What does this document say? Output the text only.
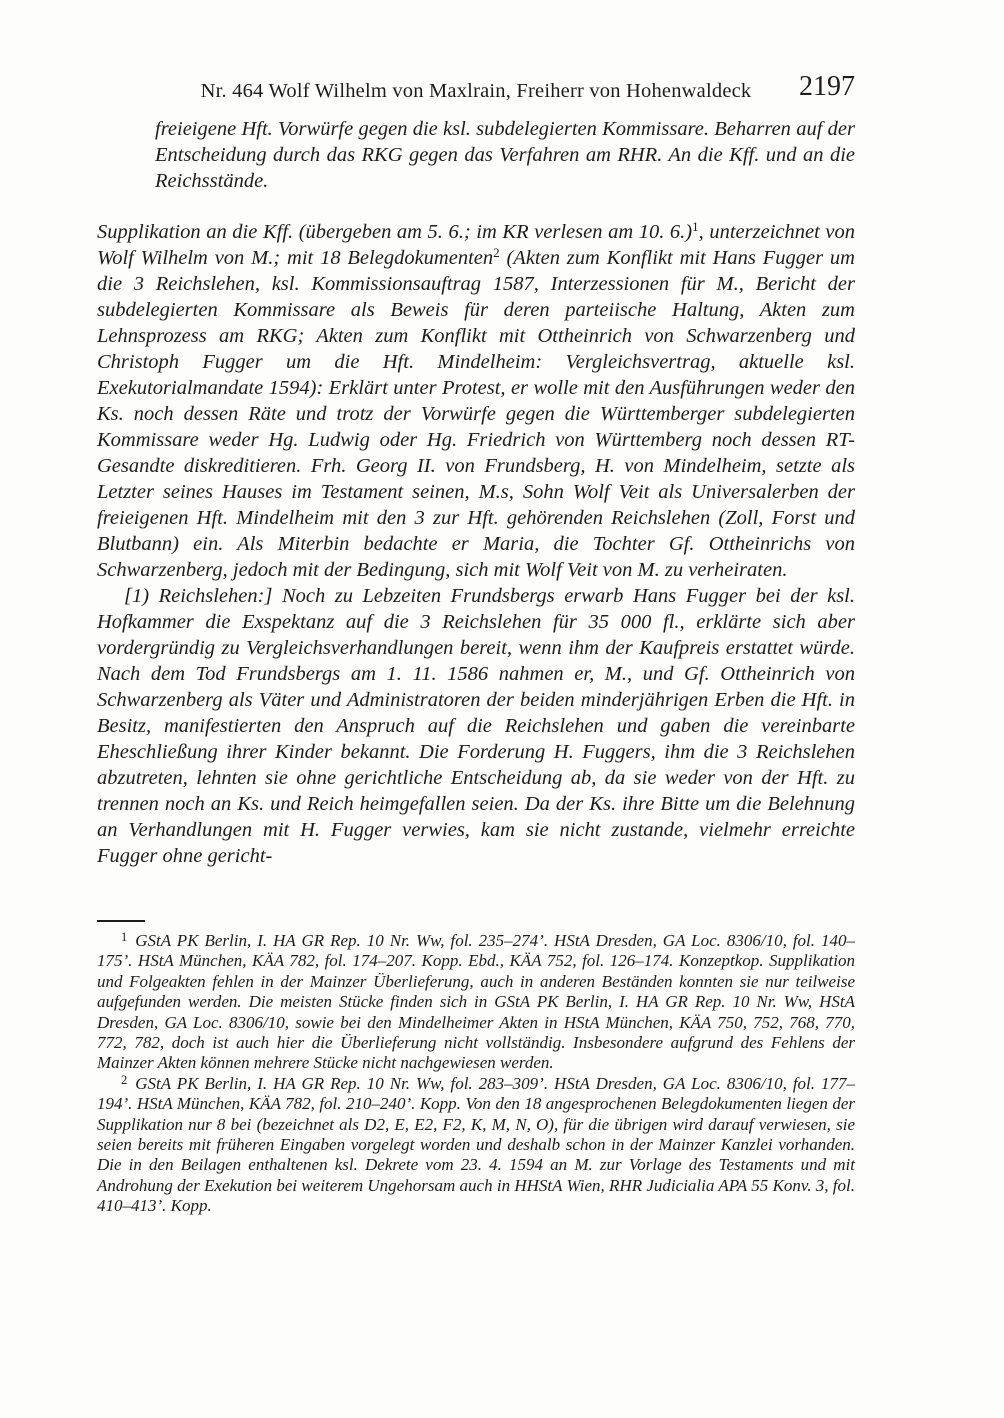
Nr. 464 Wolf Wilhelm von Maxlrain, Freiherr von Hohenwaldeck	2197
freieigene Hft. Vorwürfe gegen die ksl. subdelegierten Kommissare. Beharren auf der Entscheidung durch das RKG gegen das Verfahren am RHR. An die Kff. und an die Reichsstände.

Supplikation an die Kff. (übergeben am 5. 6.; im KR verlesen am 10. 6.)$^1$, unterzeichnet von Wolf Wilhelm von M.; mit 18 Belegdokumenten$^2$ (Akten zum Konflikt mit Hans Fugger um die 3 Reichslehen, ksl. Kommissionsauftrag 1587, Interzessionen für M., Bericht der subdelegierten Kommissare als Beweis für deren parteiische Haltung, Akten zum Lehnsprozess am RKG; Akten zum Konflikt mit Ottheinrich von Schwarzenberg und Christoph Fugger um die Hft. Mindelheim: Vergleichsvertrag, aktuelle ksl. Exekutorialmandate 1594): Erklärt unter Protest, er wolle mit den Ausführungen weder den Ks. noch dessen Räte und trotz der Vorwürfe gegen die Württemberger subdelegierten Kommissare weder Hg. Ludwig oder Hg. Friedrich von Württemberg noch dessen RT-Gesandte diskreditieren. Frh. Georg II. von Frundsberg, H. von Mindelheim, setzte als Letzter seines Hauses im Testament seinen, M.s, Sohn Wolf Veit als Universalerben der freieigenen Hft. Mindelheim mit den 3 zur Hft. gehörenden Reichslehen (Zoll, Forst und Blutbann) ein. Als Miterbin bedachte er Maria, die Tochter Gf. Ottheinrichs von Schwarzenberg, jedoch mit der Bedingung, sich mit Wolf Veit von M. zu verheiraten.

[1) Reichslehen:] Noch zu Lebzeiten Frundsbergs erwarb Hans Fugger bei der ksl. Hofkammer die Exspektanz auf die 3 Reichslehen für 35 000 fl., erklärte sich aber vordergründig zu Vergleichsverhandlungen bereit, wenn ihm der Kaufpreis erstattet würde. Nach dem Tod Frundsbergs am 1. 11. 1586 nahmen er, M., und Gf. Ottheinrich von Schwarzenberg als Väter und Administratoren der beiden minderjährigen Erben die Hft. in Besitz, manifestierten den Anspruch auf die Reichslehen und gaben die vereinbarte Eheschließung ihrer Kinder bekannt. Die Forderung H. Fuggers, ihm die 3 Reichslehen abzutreten, lehnten sie ohne gerichtliche Entscheidung ab, da sie weder von der Hft. zu trennen noch an Ks. und Reich heimgefallen seien. Da der Ks. ihre Bitte um die Belehnung an Verhandlungen mit H. Fugger verwies, kam sie nicht zustande, vielmehr erreichte Fugger ohne gericht-

$^1$ GStA PK Berlin, I. HA GR Rep. 10 Nr. Ww, fol. 235–274’. HStA Dresden, GA Loc. 8306/10, fol. 140–175’. HStA München, KÄA 782, fol. 174–207. Kopp. Ebd., KÄA 752, fol. 126–174. Konzeptkop. Supplikation und Folgeakten fehlen in der Mainzer Überlieferung, auch in anderen Beständen konnten sie nur teilweise aufgefunden werden. Die meisten Stücke finden sich in GStA PK Berlin, I. HA GR Rep. 10 Nr. Ww, HStA Dresden, GA Loc. 8306/10, sowie bei den Mindelheimer Akten in HStA München, KÄA 750, 752, 768, 770, 772, 782, doch ist auch hier die Überlieferung nicht vollständig. Insbesondere aufgrund des Fehlens der Mainzer Akten können mehrere Stücke nicht nachgewiesen werden.

$^2$ GStA PK Berlin, I. HA GR Rep. 10 Nr. Ww, fol. 283–309’. HStA Dresden, GA Loc. 8306/10, fol. 177–194’. HStA München, KÄA 782, fol. 210–240’. Kopp. Von den 18 angesprochenen Belegdokumenten liegen der Supplikation nur 8 bei (bezeichnet als D2, E, E2, F2, K, M, N, O), für die übrigen wird darauf verwiesen, sie seien bereits mit früheren Eingaben vorgelegt worden und deshalb schon in der Mainzer Kanzlei vorhanden. Die in den Beilagen enthaltenen ksl. Dekrete vom 23. 4. 1594 an M. zur Vorlage des Testaments und mit Androhung der Exekution bei weiterem Ungehorsam auch in HHStA Wien, RHR Judicialia APA 55 Konv. 3, fol. 410–413’. Kopp.
